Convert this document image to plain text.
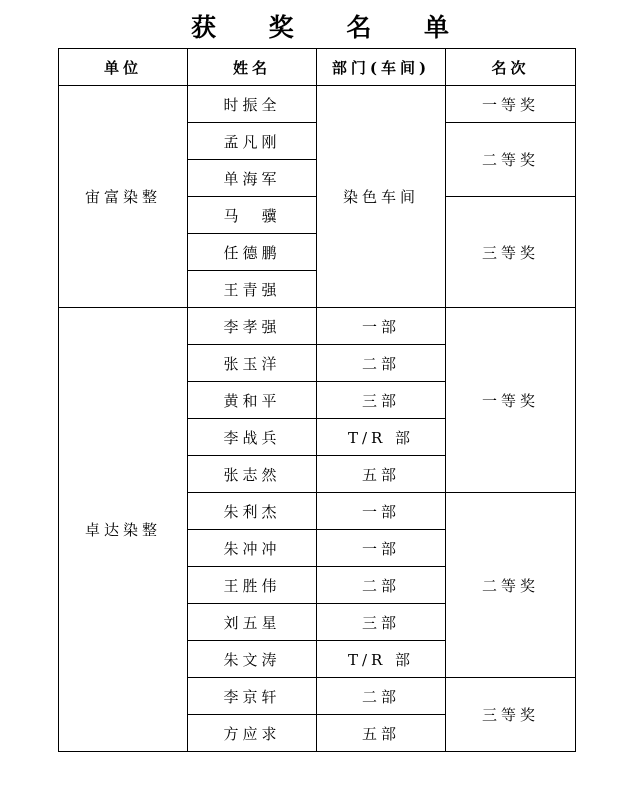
获 奖 名 单
单位	姓名	部门(车间)	名次
宙富染整	时振全	染色车间	一等奖
	孟凡刚		二等奖
	单海军		
	马　骥		三等奖
	任德鹏		
	王青强		
卓达染整	李孝强	一部	一等奖
	张玉洋	二部	
	黄和平	三部	
	李战兵	T/R 部	
	张志然	五部	
	朱利杰	一部	二等奖
	朱冲冲	一部	
	王胜伟	二部	
	刘五星	三部	
	朱文涛	T/R 部	
	李京轩	二部	三等奖
	方应求	五部	
